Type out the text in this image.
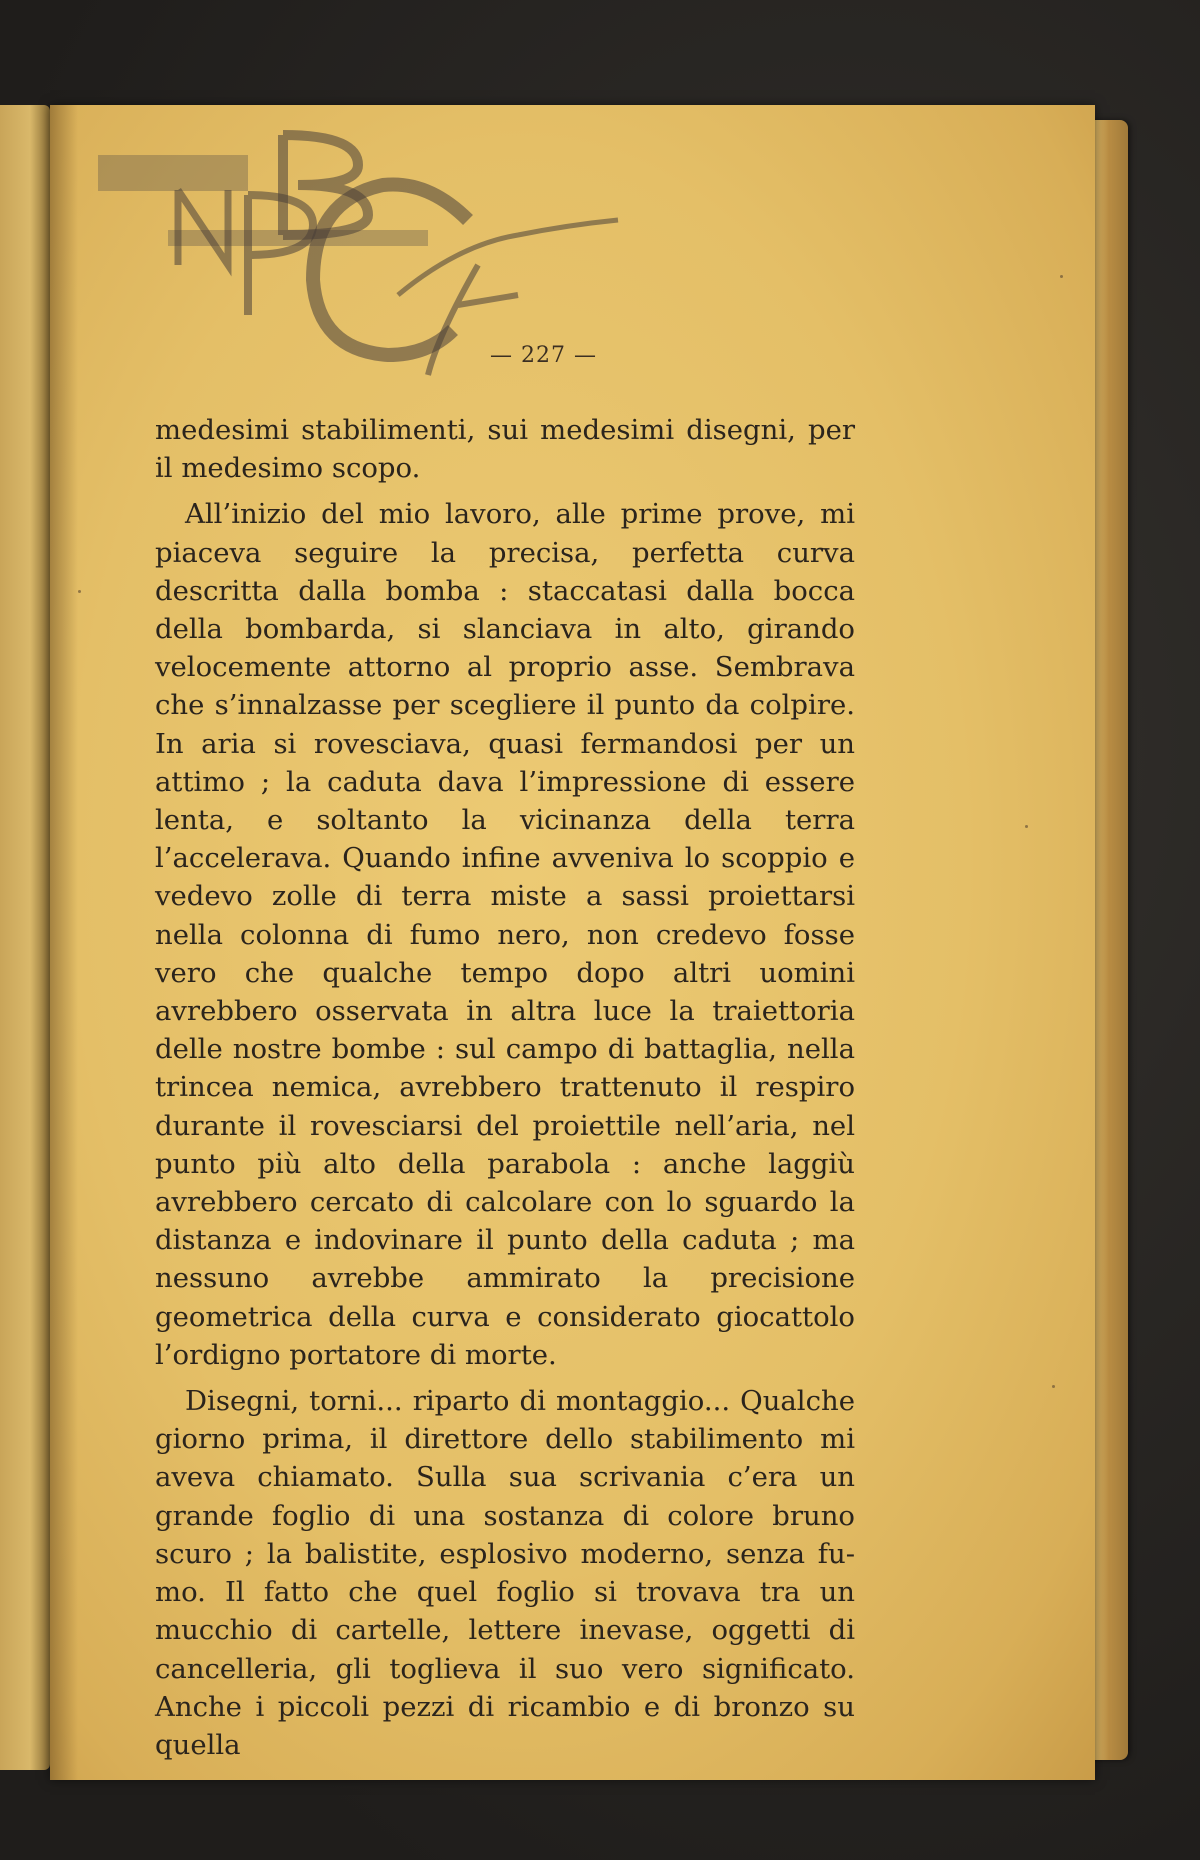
— 227 —

medesimi stabilimenti, sui medesimi disegni, per il medesimo scopo.

All’inizio del mio lavoro, alle prime prove, mi piaceva seguire la precisa, perfetta curva descritta dalla bomba : staccatasi dalla bocca della bombarda, si slanciava in alto, girando velocemente attorno al proprio asse. Sembrava che s’innalzasse per scegliere il punto da colpire. In aria si rovesciava, quasi fermandosi per un attimo ; la caduta dava l’impressione di essere lenta, e soltanto la vicinanza della terra l’accelerava. Quando infine avveniva lo scoppio e vedevo zolle di terra miste a sassi proiettarsi nella colonna di fumo nero, non credevo fosse vero che qualche tempo dopo altri uomini avrebbero osservata in altra luce la traiettoria delle nostre bombe : sul campo di battaglia, nella trincea nemica, avrebbero trattenuto il respiro durante il rovesciarsi del proiettile nell’aria, nel punto più alto della parabola : anche laggiù avrebbero cercato di calcolare con lo sguardo la distanza e indovinare il punto della caduta ; ma nessuno avrebbe ammirato la precisione geometrica della curva e considerato giocattolo l’ordigno portatore di morte.

Disegni, torni... riparto di montaggio... Qualche giorno prima, il direttore dello stabilimento mi aveva chiamato. Sulla sua scrivania c’era un grande foglio di una sostanza di colore bruno scuro ; la balistite, esplosivo moderno, senza fumo. Il fatto che quel foglio si trovava tra un mucchio di cartelle, lettere inevase, oggetti di cancelleria, gli toglieva il suo vero significato. Anche i piccoli pezzi di ricambio e di bronzo su quella
